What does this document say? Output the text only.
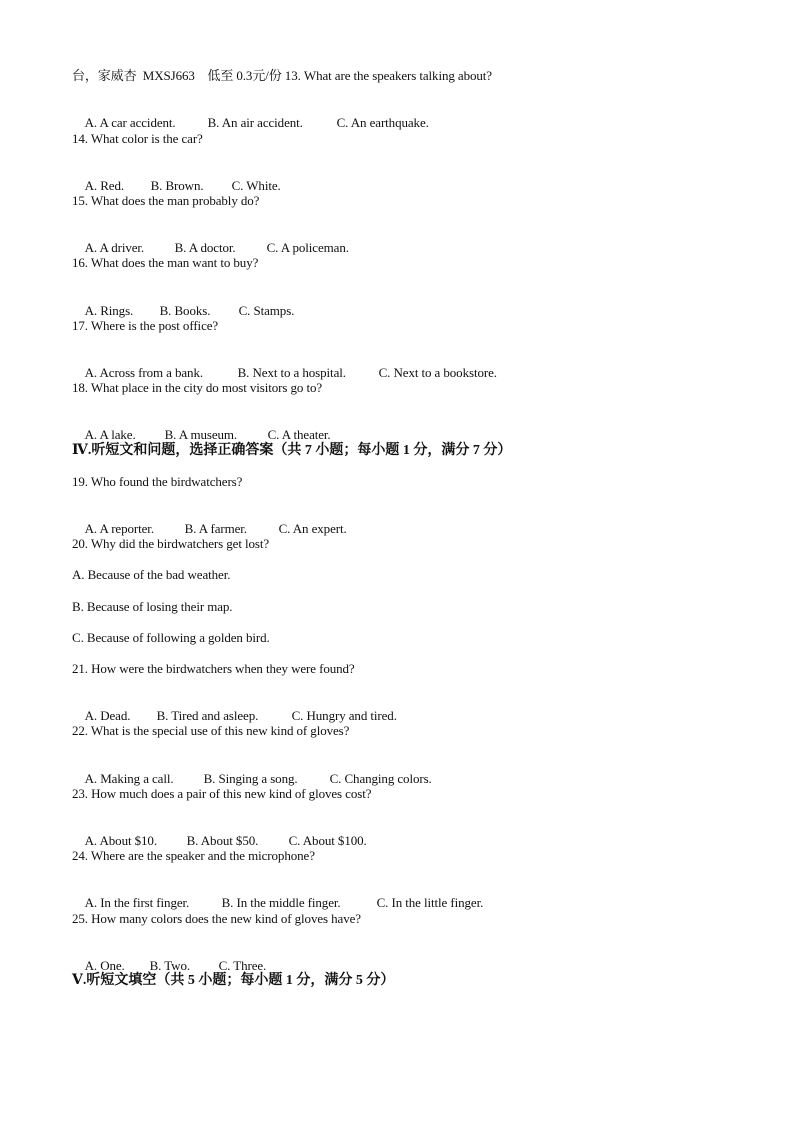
台，家威杏  MXSJ663    低至 0.3元/份 13. What are the speakers talking about?

A. A car accident. B. An air accident.	C. An earthquake.

14. What color is the car?

A. Red. B. Brown. C. White.

15. What does the man probably do?

A. A driver. B. A doctor. C. A policeman.

16. What does the man want to buy?

A. Rings. B. Books. C. Stamps.

17. Where is the post office?

A. Across from a bank.	B. Next to a hospital.	C. Next to a bookstore.

18. What place in the city do most visitors go to?

A. A lake. B. A museum. C. A theater.

Ⅳ.听短文和问题，选择正确答案（共 7 小题；每小题 1 分，满分 7 分）
19. Who found the birdwatchers?

A. A reporter. B. A farmer. C. An expert.

20. Why did the birdwatchers get lost?
A. Because of the bad weather.
B. Because of losing their map.
C. Because of following a golden bird.
21. How were the birdwatchers when they were found?

A. Dead. B. Tired and asleep.	C. Hungry and tired.

22. What is the special use of this new kind of gloves?

A. Making a call. B. Singing a song. C. Changing colors.

23. How much does a pair of this new kind of gloves cost?

A. About $10. B. About $50. C. About $100.

24. Where are the speaker and the microphone?

A. In the first finger. B. In the middle finger.	C. In the little finger.

25. How many colors does the new kind of gloves have?

A. One. B. Two. C. Three.

Ⅴ.听短文填空（共 5 小题；每小题 1 分，满分 5 分）
